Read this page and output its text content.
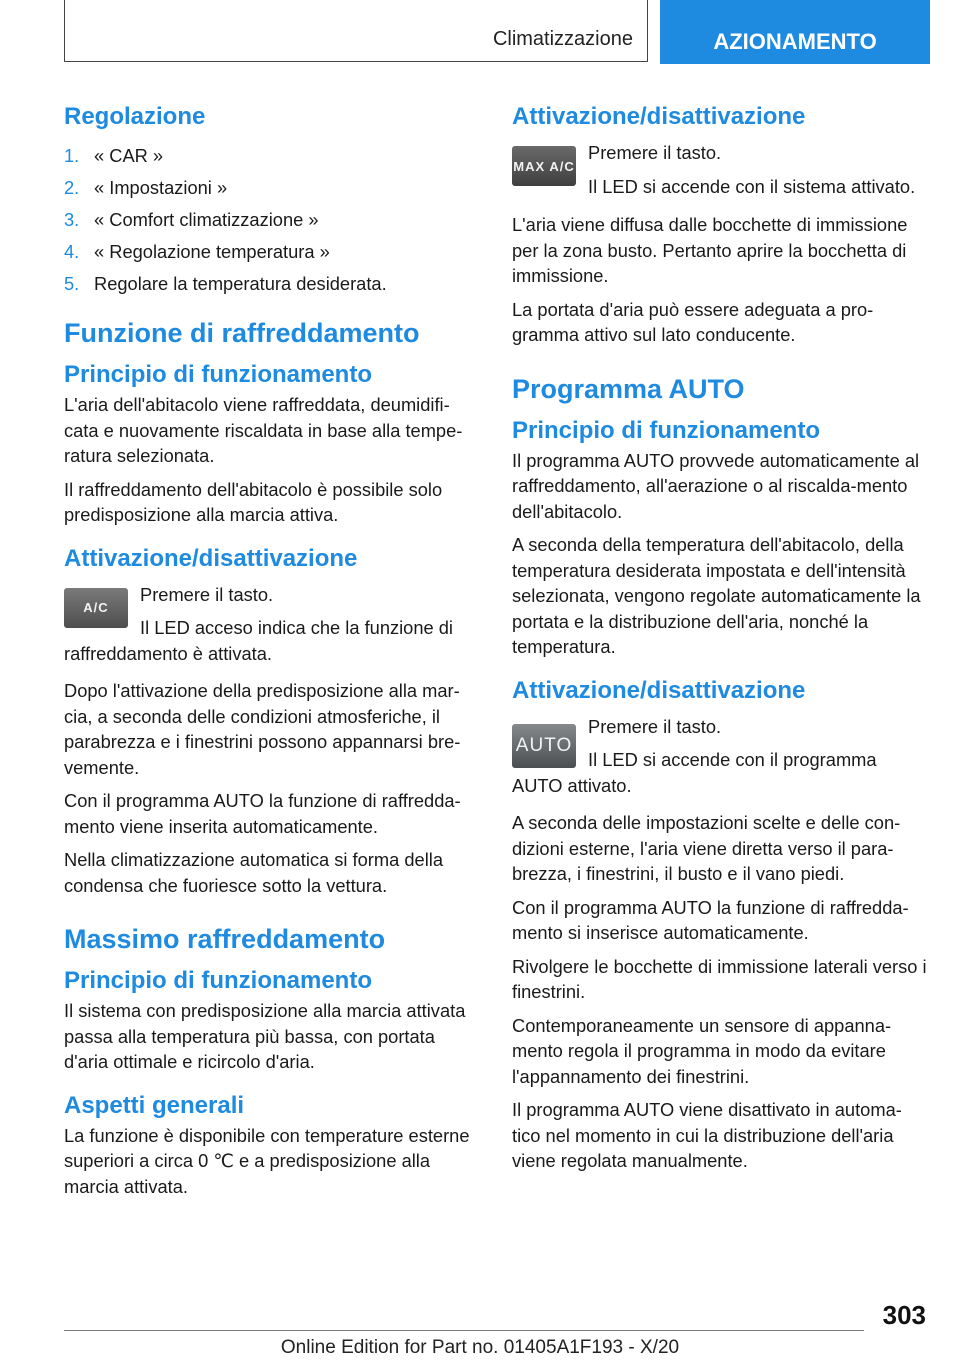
Climatizzazione	AZIONAMENTO
Regolazione
1. « CAR »
2. « Impostazioni »
3. « Comfort climatizzazione »
4. « Regolazione temperatura »
5. Regolare la temperatura desiderata.
Funzione di raffreddamento
Principio di funzionamento

L'aria dell'abitacolo viene raffreddata, deumidifi-cata e nuovamente riscaldata in base alla tempe-ratura selezionata.

Il raffreddamento dell'abitacolo è possibile solo predisposizione alla marcia attiva.

Attivazione/disattivazione
A/C

Premere il tasto.

Il LED acceso indica che la funzione di raffreddamento è attivata.

Dopo l'attivazione della predisposizione alla mar-cia, a seconda delle condizioni atmosferiche, il parabrezza e i finestrini possono appannarsi bre-vemente.

Con il programma AUTO la funzione di raffredda-mento viene inserita automaticamente.

Nella climatizzazione automatica si forma della condensa che fuoriesce sotto la vettura.

Massimo raffreddamento
Principio di funzionamento

Il sistema con predisposizione alla marcia attivata passa alla temperatura più bassa, con portata d'aria ottimale e ricircolo d'aria.

Aspetti generali

La funzione è disponibile con temperature esterne superiori a circa 0 ℃ e a predisposizione alla marcia attivata.

Attivazione/disattivazione
MAX A/C

Premere il tasto.

Il LED si accende con il sistema attivato.

L'aria viene diffusa dalle bocchette di immissione per la zona busto. Pertanto aprire la bocchetta di immissione.

La portata d'aria può essere adeguata a pro-gramma attivo sul lato conducente.

Programma AUTO
Principio di funzionamento

Il programma AUTO provvede automaticamente al raffreddamento, all'aerazione o al riscalda-mento dell'abitacolo.

A seconda della temperatura dell'abitacolo, della temperatura desiderata impostata e dell'intensità selezionata, vengono regolate automaticamente la portata e la distribuzione dell'aria, nonché la temperatura.

Attivazione/disattivazione
AUTO

Premere il tasto.

Il LED si accende con il programma AUTO attivato.

A seconda delle impostazioni scelte e delle con-dizioni esterne, l'aria viene diretta verso il para-brezza, i finestrini, il busto e il vano piedi.

Con il programma AUTO la funzione di raffredda-mento si inserisce automaticamente.

Rivolgere le bocchette di immissione laterali verso i finestrini.

Contemporaneamente un sensore di appanna-mento regola il programma in modo da evitare l'appannamento dei finestrini.

Il programma AUTO viene disattivato in automa-tico nel momento in cui la distribuzione dell'aria viene regolata manualmente.

303
Online Edition for Part no. 01405A1F193 - X/20
